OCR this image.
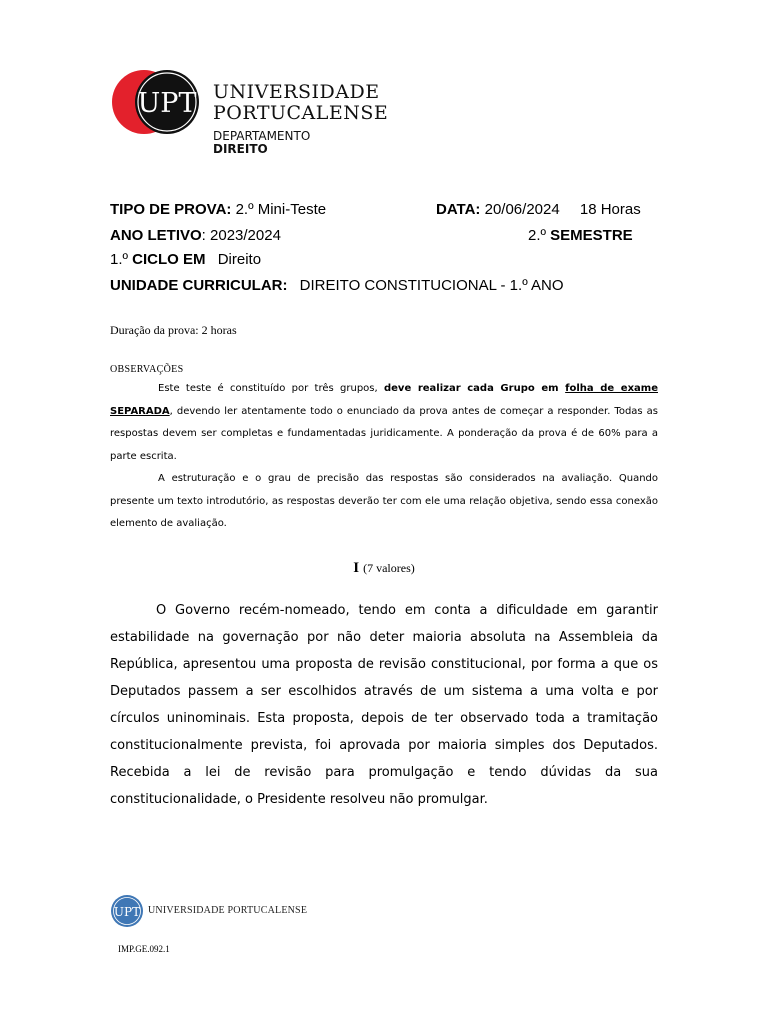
UPT UNIVERSIDADE
PORTUCALENSE
DEPARTAMENTO
DIREITO
TIPO DE PROVA: 2.º Mini-Teste	DATA: 20/06/2024 18 Horas
ANO LETIVO: 2023/2024	2.º SEMESTRE
1.º CICLO EM Direito
UNIDADE CURRICULAR: DIREITO CONSTITUCIONAL - 1.º ANO
Duração da prova: 2 horas
OBSERVAÇÕES

Este teste é constituído por três grupos, deve realizar cada Grupo em folha de exame SEPARADA, devendo ler atentamente todo o enunciado da prova antes de começar a responder. Todas as respostas devem ser completas e fundamentadas juridicamente. A ponderação da prova é de 60% para a parte escrita.

A estruturação e o grau de precisão das respostas são considerados na avaliação. Quando presente um texto introdutório, as respostas deverão ter com ele uma relação objetiva, sendo essa conexão elemento de avaliação.

I (7 valores)

O Governo recém-nomeado, tendo em conta a dificuldade em garantir estabilidade na governação por não deter maioria absoluta na Assembleia da República, apresentou uma proposta de revisão constitucional, por forma a que os Deputados passem a ser escolhidos através de um sistema a uma volta e por círculos uninominais. Esta proposta, depois de ter observado toda a tramitação constitucionalmente prevista, foi aprovada por maioria simples dos Deputados. Recebida a lei de revisão para promulgação e tendo dúvidas da sua constitucionalidade, o Presidente resolveu não promulgar.

UPT UNIVERSIDADE PORTUCALENSE
IMP.GE.092.1
